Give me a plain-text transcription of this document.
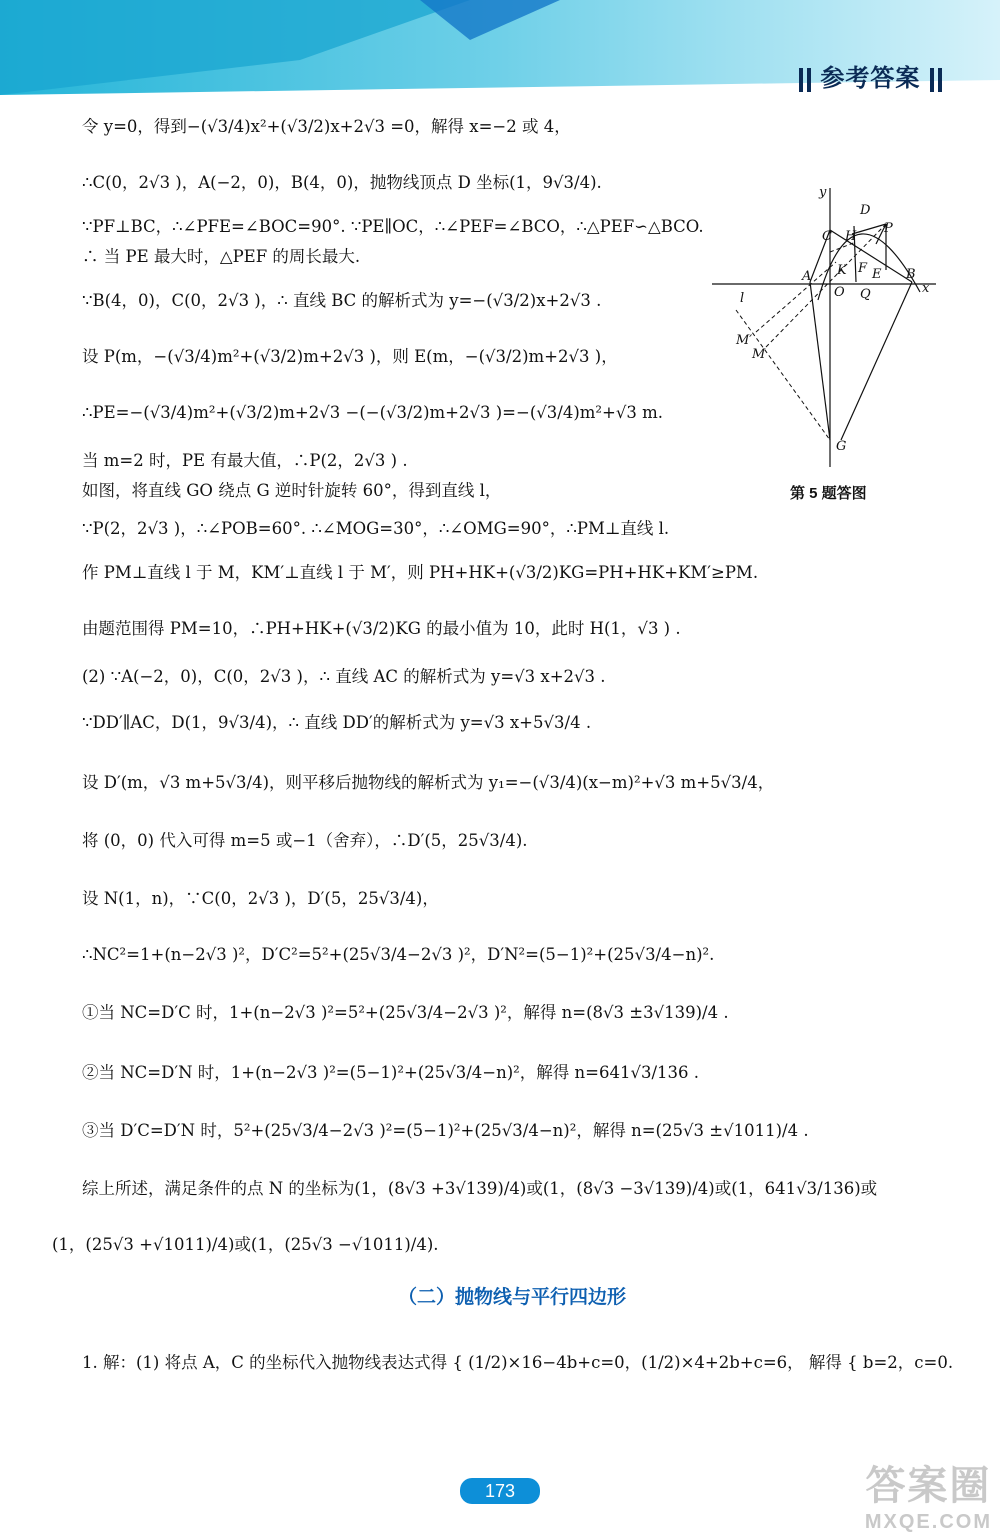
参考答案
令 y=0，得到−(√3/4)x²+(√3/2)x+2√3 =0，解得 x=−2 或 4，
∴C(0，2√3 )，A(−2，0)，B(4，0)，抛物线顶点 D 坐标(1，9√3/4).
∵PF⊥BC，∴∠PFE=∠BOC=90°. ∵PE∥OC，∴∠PEF=∠BCO，∴△PEF∽△BCO.
∴ 当 PE 最大时，△PEF 的周长最大.
∵B(4，0)，C(0，2√3 )，∴ 直线 BC 的解析式为 y=−(√3/2)x+2√3 .
设 P(m，−(√3/4)m²+(√3/2)m+2√3 )，则 E(m，−(√3/2)m+2√3 )，
∴PE=−(√3/4)m²+(√3/2)m+2√3 −(−(√3/2)m+2√3 )=−(√3/4)m²+√3 m.
当 m=2 时，PE 有最大值，∴P(2，2√3 ) .
如图，将直线 GO 绕点 G 逆时针旋转 60°，得到直线 l，
∵P(2，2√3 )，∴∠POB=60°. ∴∠MOG=30°，∴∠OMG=90°，∴PM⊥直线 l.
作 PM⊥直线 l 于 M，KM′⊥直线 l 于 M′，则 PH+HK+(√3/2)KG=PH+HK+KM′≥PM.
由题范围得 PM=10，∴PH+HK+(√3/2)KG 的最小值为 10，此时 H(1，√3 ) .
(2) ∵A(−2，0)，C(0，2√3 )，∴ 直线 AC 的解析式为 y=√3 x+2√3 .
∵DD′∥AC，D(1，9√3/4)，∴ 直线 DD′的解析式为 y=√3 x+5√3/4 .
设 D′(m，√3 m+5√3/4)，则平移后抛物线的解析式为 y₁=−(√3/4)(x−m)²+√3 m+5√3/4，
将 (0，0) 代入可得 m=5 或−1（舍弃），∴D′(5，25√3/4).
设 N(1，n)，∵C(0，2√3 )，D′(5，25√3/4)，
∴NC²=1+(n−2√3 )²，D′C²=5²+(25√3/4−2√3 )²，D′N²=(5−1)²+(25√3/4−n)².
①当 NC=D′C 时，1+(n−2√3 )²=5²+(25√3/4−2√3 )²，解得 n=(8√3 ±3√139)/4 .
②当 NC=D′N 时，1+(n−2√3 )²=(5−1)²+(25√3/4−n)²，解得 n=641√3/136 .
③当 D′C=D′N 时，5²+(25√3/4−2√3 )²=(5−1)²+(25√3/4−n)²，解得 n=(25√3 ±√1011)/4 .
综上所述，满足条件的点 N 的坐标为(1，(8√3 +3√139)/4)或(1，(8√3 −3√139)/4)或(1，641√3/136)或
(1，(25√3 +√1011)/4)或(1，(25√3 −√1011)/4).
（二）抛物线与平行四边形
1. 解：(1) 将点 A，C 的坐标代入抛物线表达式得 { (1/2)×16−4b+c=0，(1/2)×4+2b+c=6， 解得 { b=2，c=0.
y
D
P
C H
K F E
A
O Q
B
x
l
M′
M
G
第 5 题答图
173	答案圈
MXQE.COM
